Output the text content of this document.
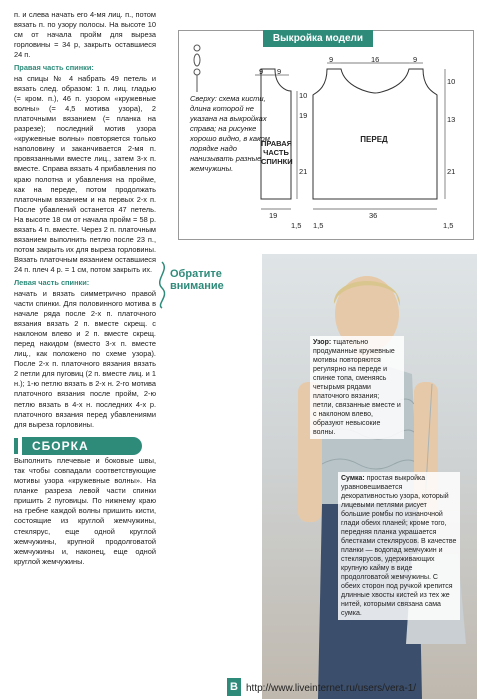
п. и слева начать его 4-мя лиц. п., потом вязать п. по узору полосы. На высоте 10 см от начала пройм для выреза горловины = 34 р, закрыть оставшиеся 24 п.

Правая часть спинки:

на спицы № 4 набрать 49 петель и вязать след. образом: 1 п. лиц. гладью (= кром. п.), 46 п. узором «кружевные волны» (= 4,5 мотива узора), 2 платочными вязанием (= планка на разрезе); последний мотив узора «кружевные волны» повторяется только наполовину и заканчивается 2-мя п. провязанными вместе лиц., затем 3-х п. вместе. Справа вязать 4 прибавления по краю полотна и убавления на пройме, как на переде, потом продолжать платочным вязанием и на первых 2-х п. После убавлений останется 47 петель. На высоте 18 см от начала пройм = 58 р. вязать 4 п. вместе. Через 2 п. платочным вязанием выполнить петлю после 23 п., потом закрыть их для выреза горловины. Вязать платочным вязанием оставшиеся 24 п. плеч 4 р. = 1 см, потом закрыть их.

Левая часть спинки:

начать и вязать симметрично правой части спинки. Для половинного мотива в начале ряда после 2-х п. платочного вязания вязать 2 п. вместе скрещ. с наклоном влево и 2 п. вместе скрещ. перед накидом (вместо 3-х п. вместе лиц., как положено по схеме узора). После 2-х п. платочного вязания вязать 2 петли для пуговиц (2 п. вместе лиц. и 1 н.); 1-ю петлю вязать в 2-х н. 2-го мотива платочного вязания после пройм, 2-ю петлю вязать в 4-х н. последних 4-х р. платочного вязания перед убавлениями для выреза горловины.

СБОРКА

Выполнить плечевые и боковые швы, так чтобы совпадали соответствующие мотивы узора «кружевные волны». На планке разреза левой части спинки пришить 2 пуговицы. По нижнему краю на гребне каждой волны пришить кисти, состоящие из круглой жемчужины, стеклярус, еще одной круглой жемчужины, крупной продолговатой жемчужины и, наконец, еще одной круглой жемчужины.

ПРАВАЯ ЧАСТЬ СПИНКИ
ПЕРЕД
9 9
19
21
19
1,5
10
9	16	9
10
13
21
36
1,5	1,5
Выкройка модели
Сверху: схема кисти, длина которой не указана на выкройках справа; на рисунке хорошо видно, в каком порядке надо нанизывать разные жемчужины.
Обратите внимание
Узор: тщательно продуманные кружевные мотивы повторяются регулярно на переде и спинке топа, сменяясь четырьмя рядами платочного вязания; петли, связанные вместе и с наклоном влево, образуют невысокие волны.
Сумка: простая выкройка уравновешивается декоративностью узора, который лицевыми петлями рисует большие ромбы по изнаночной глади обеих планей; кроме того, передняя планка украшается блестками стеклярусов. В качестве планки — водопад жемчужин и стеклярусов, удерживающих крупную кайму в виде продолговатой жемчужины. С обеих сторон под ручкой крепится длинные хвосты кистей из тех же нитей, которыми связана сама сумка.
B http://www.liveinternet.ru/users/vera-1/
